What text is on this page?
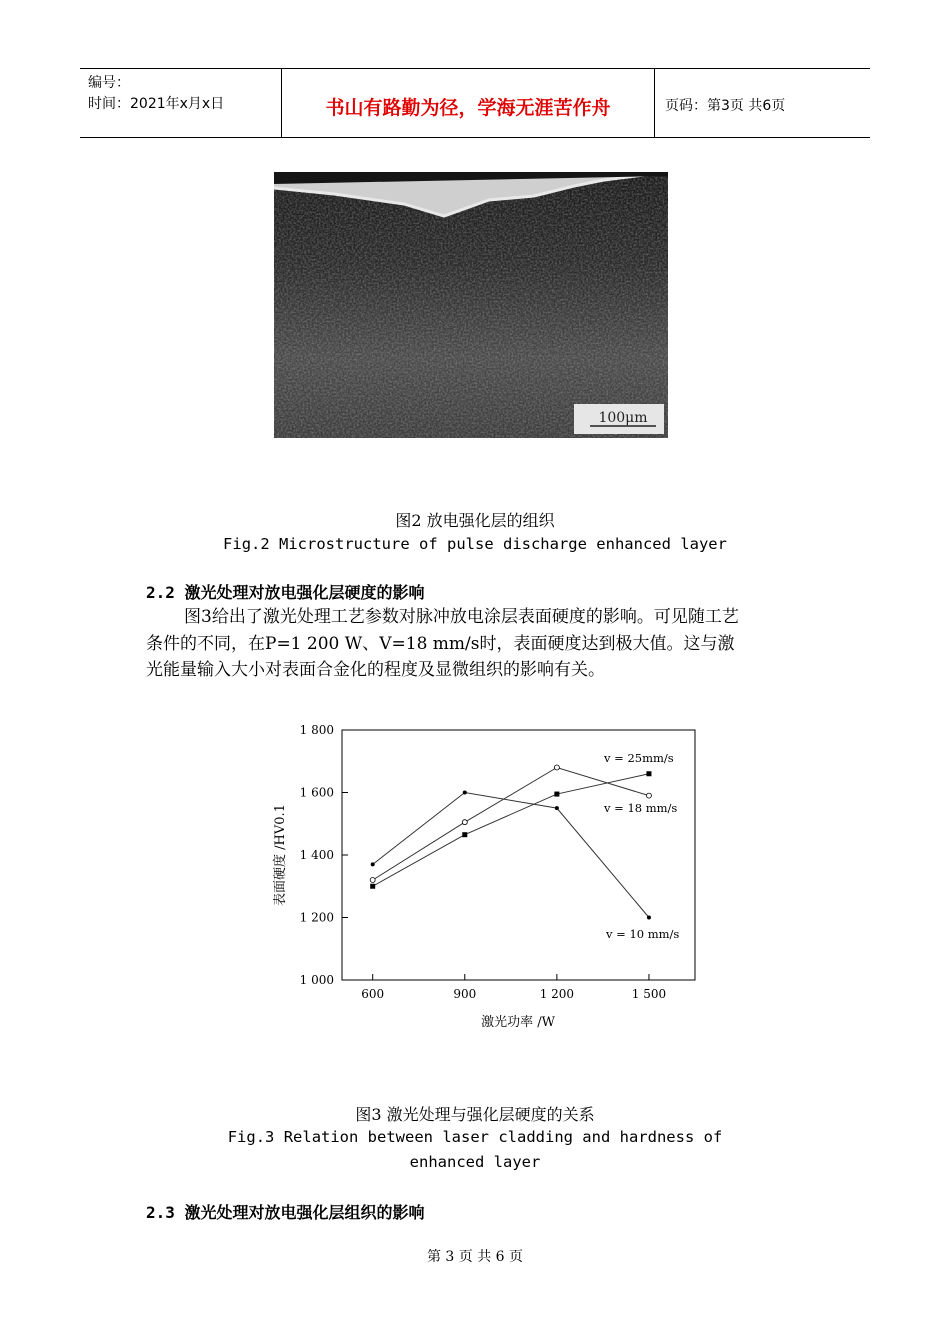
编号：
时间：2021年x月x日	书山有路勤为径，学海无涯苦作舟	页码：第3页 共6页
100μm
图2 放电强化层的组织
Fig.2 Microstructure of pulse discharge enhanced layer
2.2 激光处理对放电强化层硬度的影响
图3给出了激光处理工艺参数对脉冲放电涂层表面硬度的影响。可见随工艺条件的不同，在P=1 200 W、V=18 mm/s时，表面硬度达到极大值。这与激光能量输入大小对表面合金化的程度及显微组织的影响有关。
1 000
1 200
1 400
1 600
1 800
600	900	1 200	1 500
v = 10 mm/s
v = 18 mm/s
v = 25mm/s
激光功率 /W
表面硬度 /HV0.1
图3 激光处理与强化层硬度的关系
Fig.3 Relation between laser cladding and hardness of
enhanced layer
2.3 激光处理对放电强化层组织的影响
第 3 页 共 6 页
